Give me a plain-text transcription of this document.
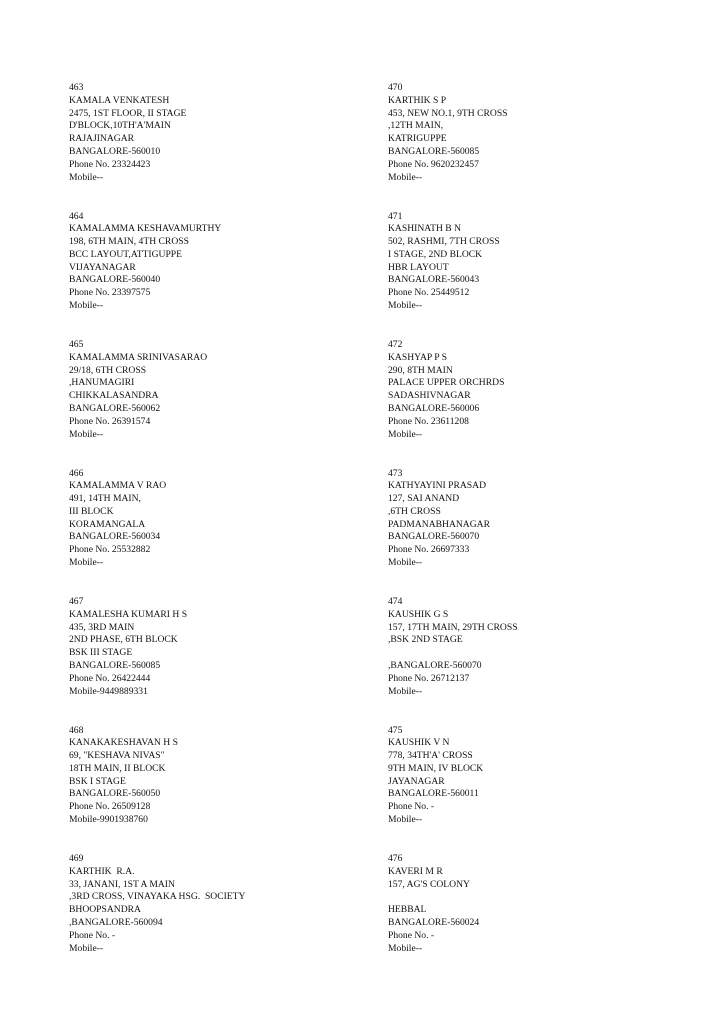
463
KAMALA VENKATESH
2475, 1ST FLOOR, II STAGE
D'BLOCK,10TH'A'MAIN
RAJAJINAGAR
BANGALORE-560010
Phone No. 23324423
Mobile--
464
KAMALAMMA KESHAVAMURTHY
198, 6TH MAIN, 4TH CROSS
BCC LAYOUT,ATTIGUPPE
VIJAYANAGAR
BANGALORE-560040
Phone No. 23397575
Mobile--
465
KAMALAMMA SRINIVASARAO
29/18, 6TH CROSS
,HANUMAGIRI
CHIKKALASANDRA
BANGALORE-560062
Phone No. 26391574
Mobile--
466
KAMALAMMA V RAO
491, 14TH MAIN,
III BLOCK
KORAMANGALA
BANGALORE-560034
Phone No. 25532882
Mobile--
467
KAMALESHA KUMARI H S
435, 3RD MAIN
2ND PHASE, 6TH BLOCK
BSK III STAGE
BANGALORE-560085
Phone No. 26422444
Mobile-9449889331
468
KANAKAKESHAVAN H S
69, "KESHAVA NIVAS"
18TH MAIN, II BLOCK
BSK I STAGE
BANGALORE-560050
Phone No. 26509128
Mobile-9901938760
469
KARTHIK  R.A.
33, JANANI, 1ST A MAIN
,3RD CROSS, VINAYAKA HSG.  SOCIETY
BHOOPSANDRA
,BANGALORE-560094
Phone No. -
Mobile--
470
KARTHIK S P
453, NEW NO.1, 9TH CROSS
,12TH MAIN,
KATRIGUPPE
BANGALORE-560085
Phone No. 9620232457
Mobile--
471
KASHINATH B N
502, RASHMI, 7TH CROSS
I STAGE, 2ND BLOCK
HBR LAYOUT
BANGALORE-560043
Phone No. 25449512
Mobile--
472
KASHYAP P S
290, 8TH MAIN
PALACE UPPER ORCHRDS
SADASHIVNAGAR
BANGALORE-560006
Phone No. 23611208
Mobile--
473
KATHYAYINI PRASAD
127, SAI ANAND
,6TH CROSS
PADMANABHANAGAR
BANGALORE-560070
Phone No. 26697333
Mobile--
474
KAUSHIK G S
157, 17TH MAIN, 29TH CROSS
,BSK 2ND STAGE
,BANGALORE-560070
Phone No. 26712137
Mobile--
475
KAUSHIK V N
778, 34TH'A' CROSS
9TH MAIN, IV BLOCK
JAYANAGAR
BANGALORE-560011
Phone No. -
Mobile--
476
KAVERI M R
157, AG'S COLONY
HEBBAL
BANGALORE-560024
Phone No. -
Mobile--
